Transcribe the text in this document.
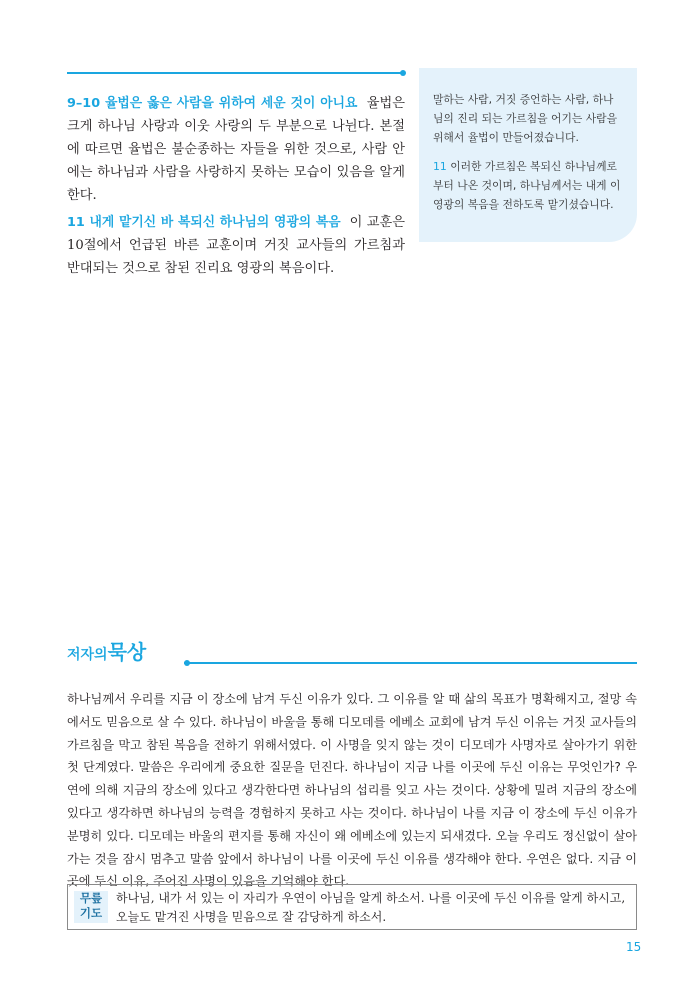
9–10 율법은 옳은 사람을 위하여 세운 것이 아니요 율법은 크게 하나님 사랑과 이웃 사랑의 두 부분으로 나뉜다. 본절에 따르면 율법은 불순종하는 자들을 위한 것으로, 사람 안에는 하나님과 사람을 사랑하지 못하는 모습이 있음을 알게 한다.

11 내게 맡기신 바 복되신 하나님의 영광의 복음 이 교훈은 10절에서 언급된 바른 교훈이며 거짓 교사들의 가르침과 반대되는 것으로 참된 진리요 영광의 복음이다.

말하는 사람, 거짓 증언하는 사람, 하나님의 진리 되는 가르침을 어기는 사람을 위해서 율법이 만들어졌습니다.

11 이러한 가르침은 복되신 하나님께로부터 나온 것이며, 하나님께서는 내게 이 영광의 복음을 전하도록 맡기셨습니다.

저자의묵상

하나님께서 우리를 지금 이 장소에 남겨 두신 이유가 있다. 그 이유를 알 때 삶의 목표가 명확해지고, 절망 속에서도 믿음으로 살 수 있다. 하나님이 바울을 통해 디모데를 에베소 교회에 남겨 두신 이유는 거짓 교사들의 가르침을 막고 참된 복음을 전하기 위해서였다. 이 사명을 잊지 않는 것이 디모데가 사명자로 살아가기 위한 첫 단계였다. 말씀은 우리에게 중요한 질문을 던진다. 하나님이 지금 나를 이곳에 두신 이유는 무엇인가? 우연에 의해 지금의 장소에 있다고 생각한다면 하나님의 섭리를 잊고 사는 것이다. 상황에 밀려 지금의 장소에 있다고 생각하면 하나님의 능력을 경험하지 못하고 사는 것이다. 하나님이 나를 지금 이 장소에 두신 이유가 분명히 있다. 디모데는 바울의 편지를 통해 자신이 왜 에베소에 있는지 되새겼다. 오늘 우리도 정신없이 살아가는 것을 잠시 멈추고 말씀 앞에서 하나님이 나를 이곳에 두신 이유를 생각해야 한다. 우연은 없다. 지금 이곳에 두신 이유, 주어진 사명이 있음을 기억해야 한다.

무릎
기도
하나님, 내가 서 있는 이 자리가 우연이 아님을 알게 하소서. 나를 이곳에 두신 이유를 알게 하시고, 오늘도 맡겨진 사명을 믿음으로 잘 감당하게 하소서.
15
